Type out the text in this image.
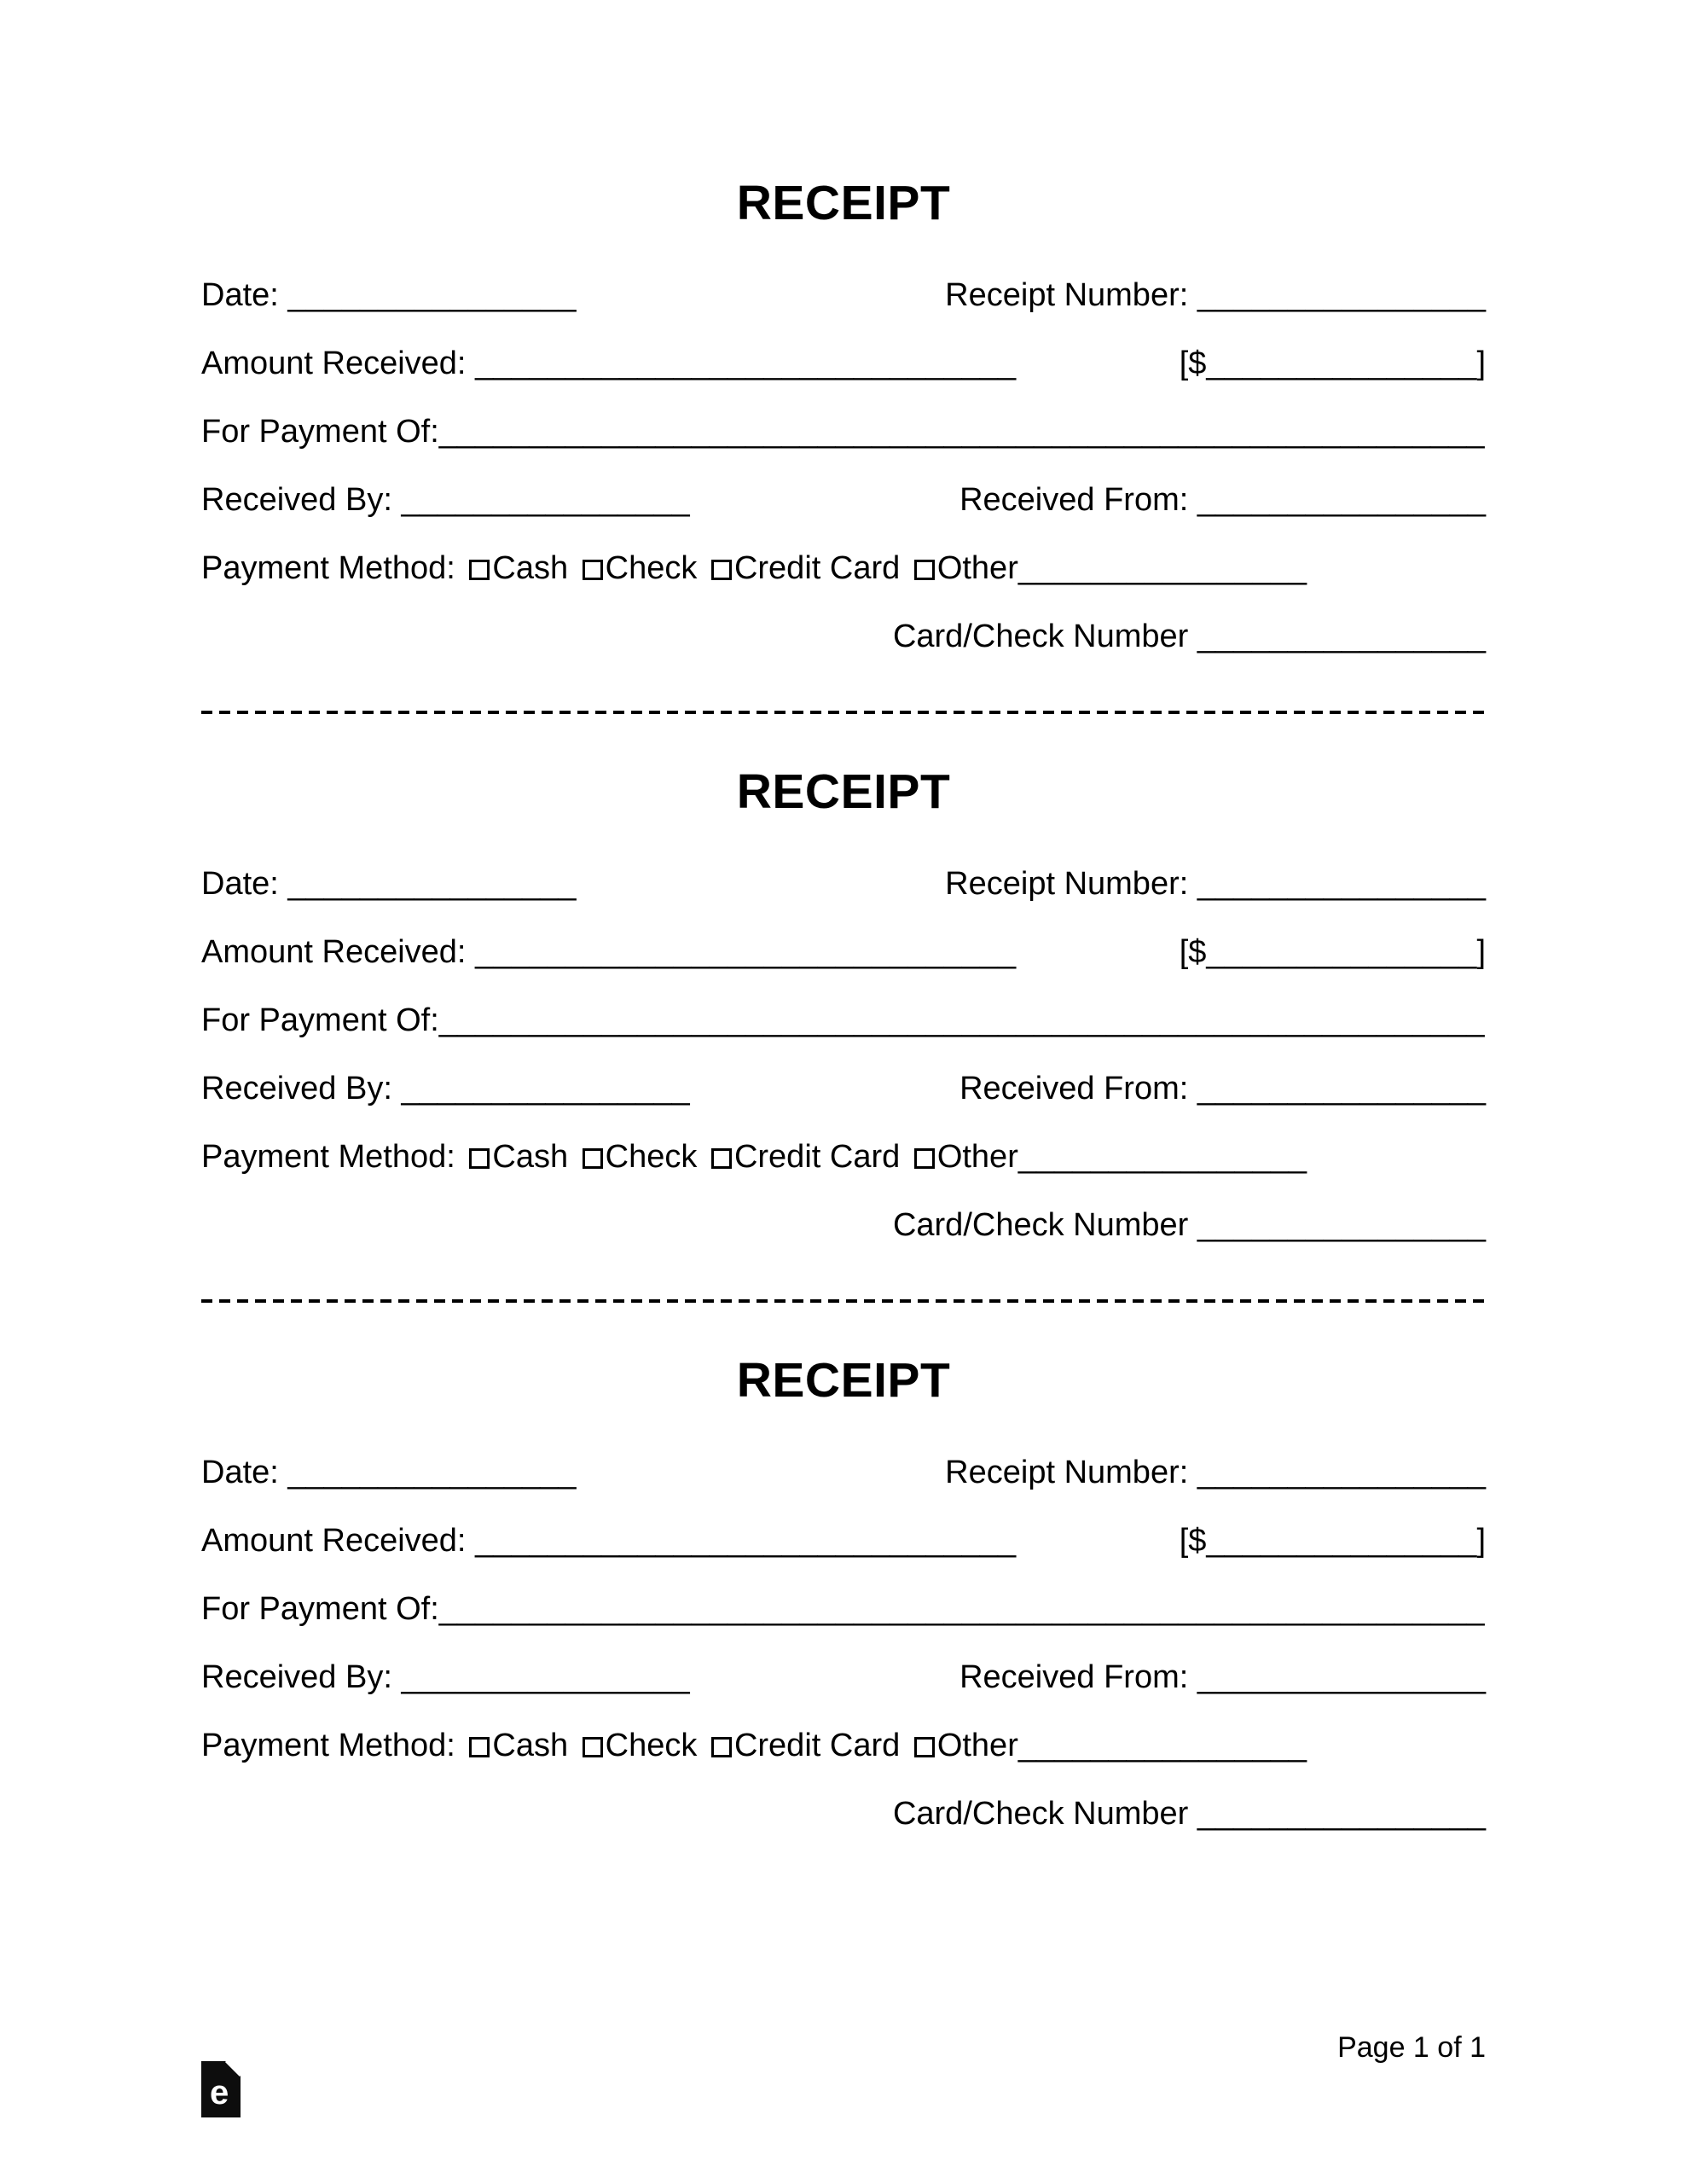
RECEIPT
Date: ________________	Receipt Number: ________________
Amount Received: ______________________________	[$_______________]
For Payment Of:__________________________________________________________
Received By: ________________	Received From: ________________
Payment Method: Cash Check Credit Card Other________________
Card/Check Number ________________
RECEIPT
Date: ________________	Receipt Number: ________________
Amount Received: ______________________________	[$_______________]
For Payment Of:__________________________________________________________
Received By: ________________	Received From: ________________
Payment Method: Cash Check Credit Card Other________________
Card/Check Number ________________
RECEIPT
Date: ________________	Receipt Number: ________________
Amount Received: ______________________________	[$_______________]
For Payment Of:__________________________________________________________
Received By: ________________	Received From: ________________
Payment Method: Cash Check Credit Card Other________________
Card/Check Number ________________
e
Page 1 of 1
